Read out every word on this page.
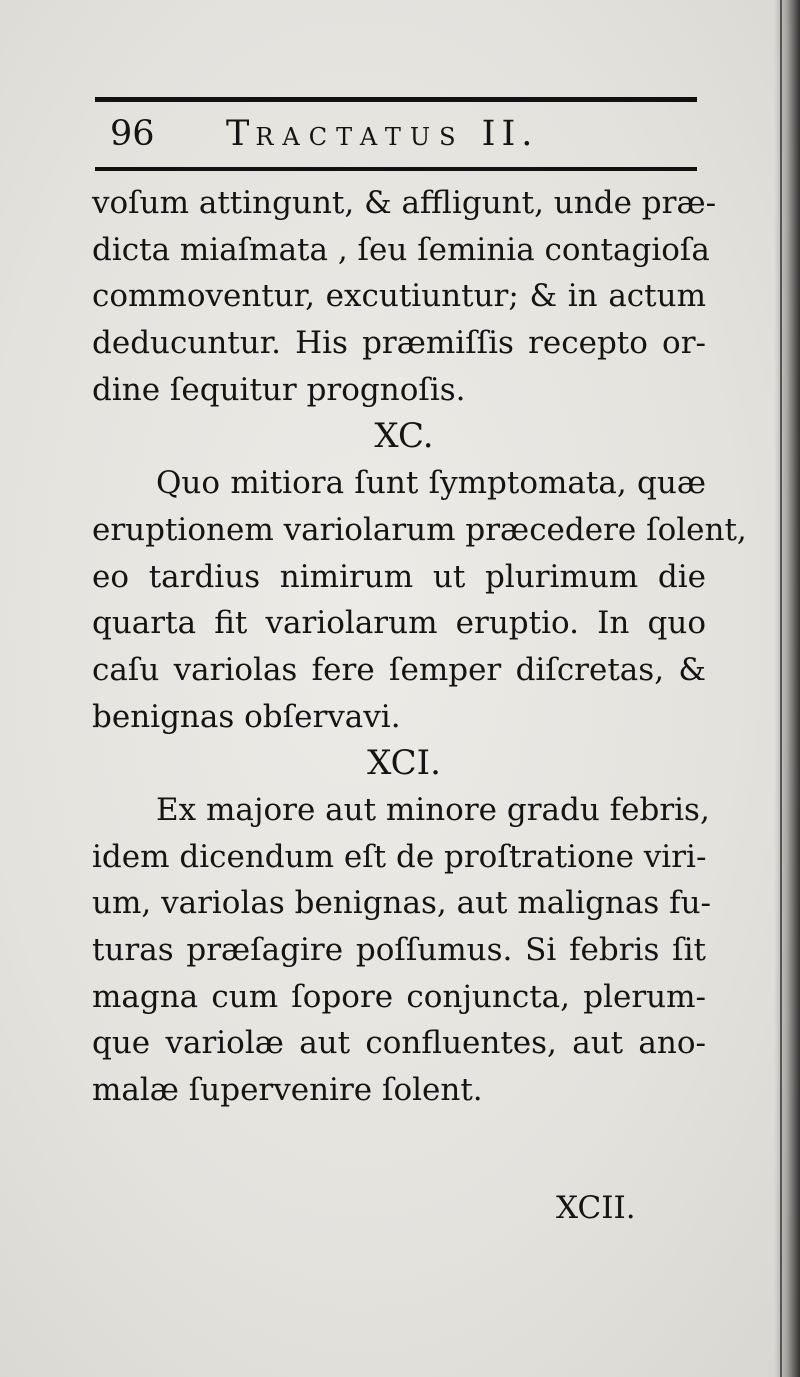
96 TRACTATUS II.
voſum attingunt, & affligunt, unde præ-
dicta miaſmata , ſeu ſeminia contagioſa
commoventur, excutiuntur; & in actum
deducuntur. His præmiſſis recepto or-
dine ſequitur prognoſis.
XC.
Quo mitiora ſunt ſymptomata, quæ
eruptionem variolarum præcedere ſolent,
eo tardius nimirum ut plurimum die
quarta fit variolarum eruptio. In quo
caſu variolas fere ſemper diſcretas, &
benignas obſervavi.
XCI.
Ex majore aut minore gradu febris,
idem dicendum eſt de proſtratione viri-
um, variolas benignas, aut malignas fu-
turas præſagire poſſumus. Si febris ſit
magna cum ſopore conjuncta, plerum-
que variolæ aut confluentes, aut ano-
malæ ſupervenire ſolent.
XCII.
